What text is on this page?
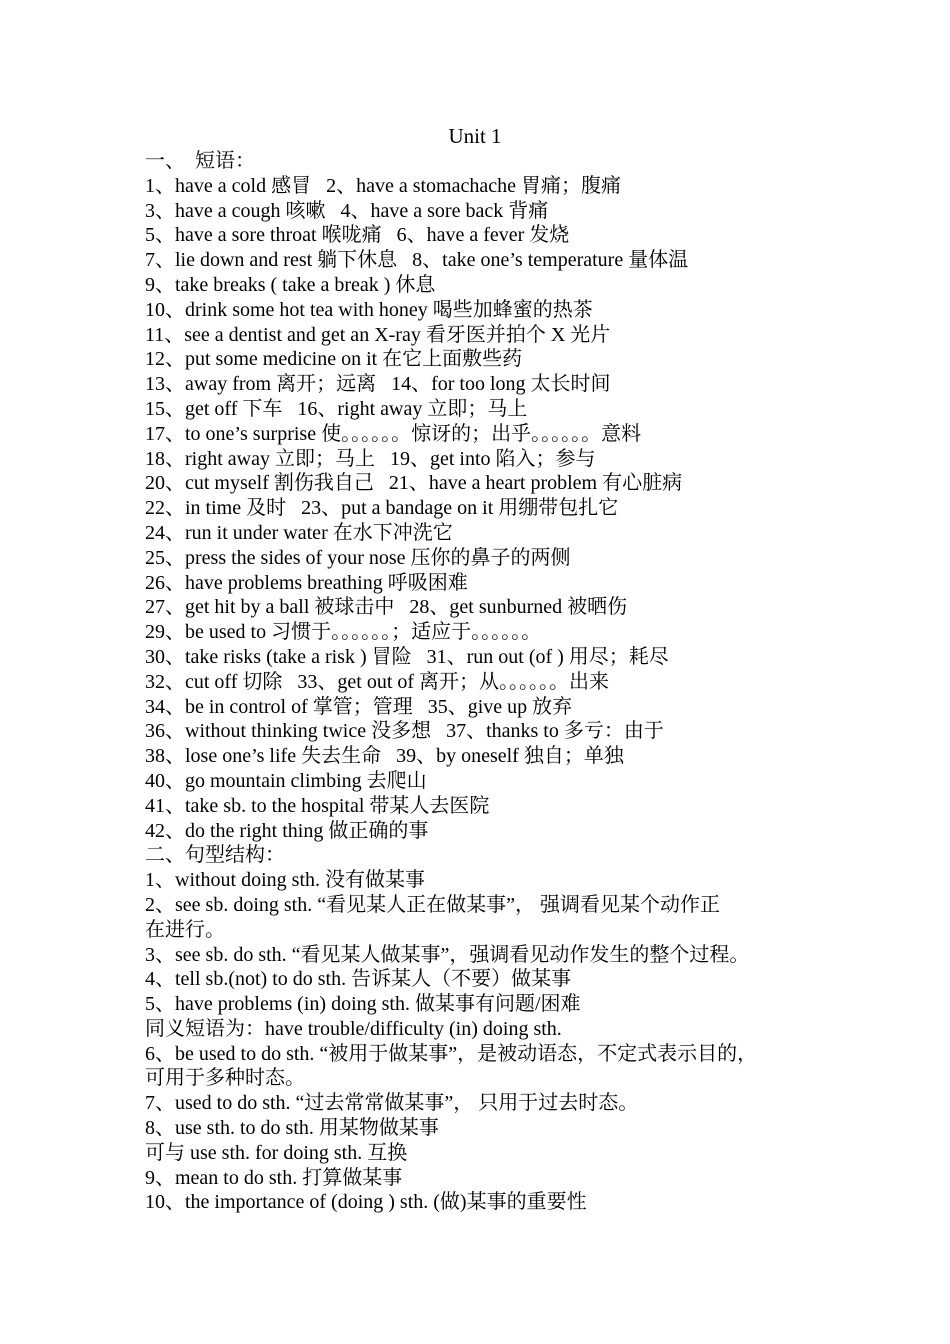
Unit 1
一、  短语：
1、have a cold 感冒   2、have a stomachache 胃痛；腹痛
3、have a cough 咳嗽   4、have a sore back 背痛
5、have a sore throat 喉咙痛   6、have a fever 发烧
7、lie down and rest 躺下休息   8、take one’s temperature 量体温
9、take breaks ( take a break ) 休息
10、drink some hot tea with honey 喝些加蜂蜜的热茶
11、see a dentist and get an X-ray 看牙医并拍个 X 光片
12、put some medicine on it 在它上面敷些药
13、away from 离开；远离   14、for too long 太长时间
15、get off 下车   16、right away 立即；马上
17、to one’s surprise 使。。。。。。惊讶的；出乎。。。。。。意料
18、right away 立即；马上   19、get into 陷入；参与
20、cut myself 割伤我自己   21、have a heart problem 有心脏病
22、in time 及时   23、put a bandage on it 用绷带包扎它
24、run it under water 在水下冲洗它
25、press the sides of your nose 压你的鼻子的两侧
26、have problems breathing 呼吸困难
27、get hit by a ball 被球击中   28、get sunburned 被晒伤
29、be used to 习惯于。。。。。。；适应于。。。。。。
30、take risks (take a risk ) 冒险   31、run out (of ) 用尽；耗尽
32、cut off 切除   33、get out of 离开；从。。。。。。出来
34、be in control of 掌管；管理   35、give up 放弃
36、without thinking twice 没多想   37、thanks to 多亏：由于
38、lose one’s life 失去生命   39、by oneself 独自；单独
40、go mountain climbing 去爬山
41、take sb. to the hospital 带某人去医院
42、do the right thing 做正确的事
二、句型结构：
1、without doing sth. 没有做某事
2、see sb. doing sth. “看见某人正在做某事”， 强调看见某个动作正
在进行。
3、see sb. do sth. “看见某人做某事”，强调看见动作发生的整个过程。
4、tell sb.(not) to do sth. 告诉某人（不要）做某事
5、have problems (in) doing sth. 做某事有问题/困难
同义短语为：have trouble/difficulty (in) doing sth.
6、be used to do sth. “被用于做某事”，是被动语态，不定式表示目的，
可用于多种时态。
7、used to do sth. “过去常常做某事”， 只用于过去时态。
8、use sth. to do sth. 用某物做某事
可与 use sth. for doing sth. 互换
9、mean to do sth. 打算做某事
10、the importance of (doing ) sth. (做)某事的重要性
